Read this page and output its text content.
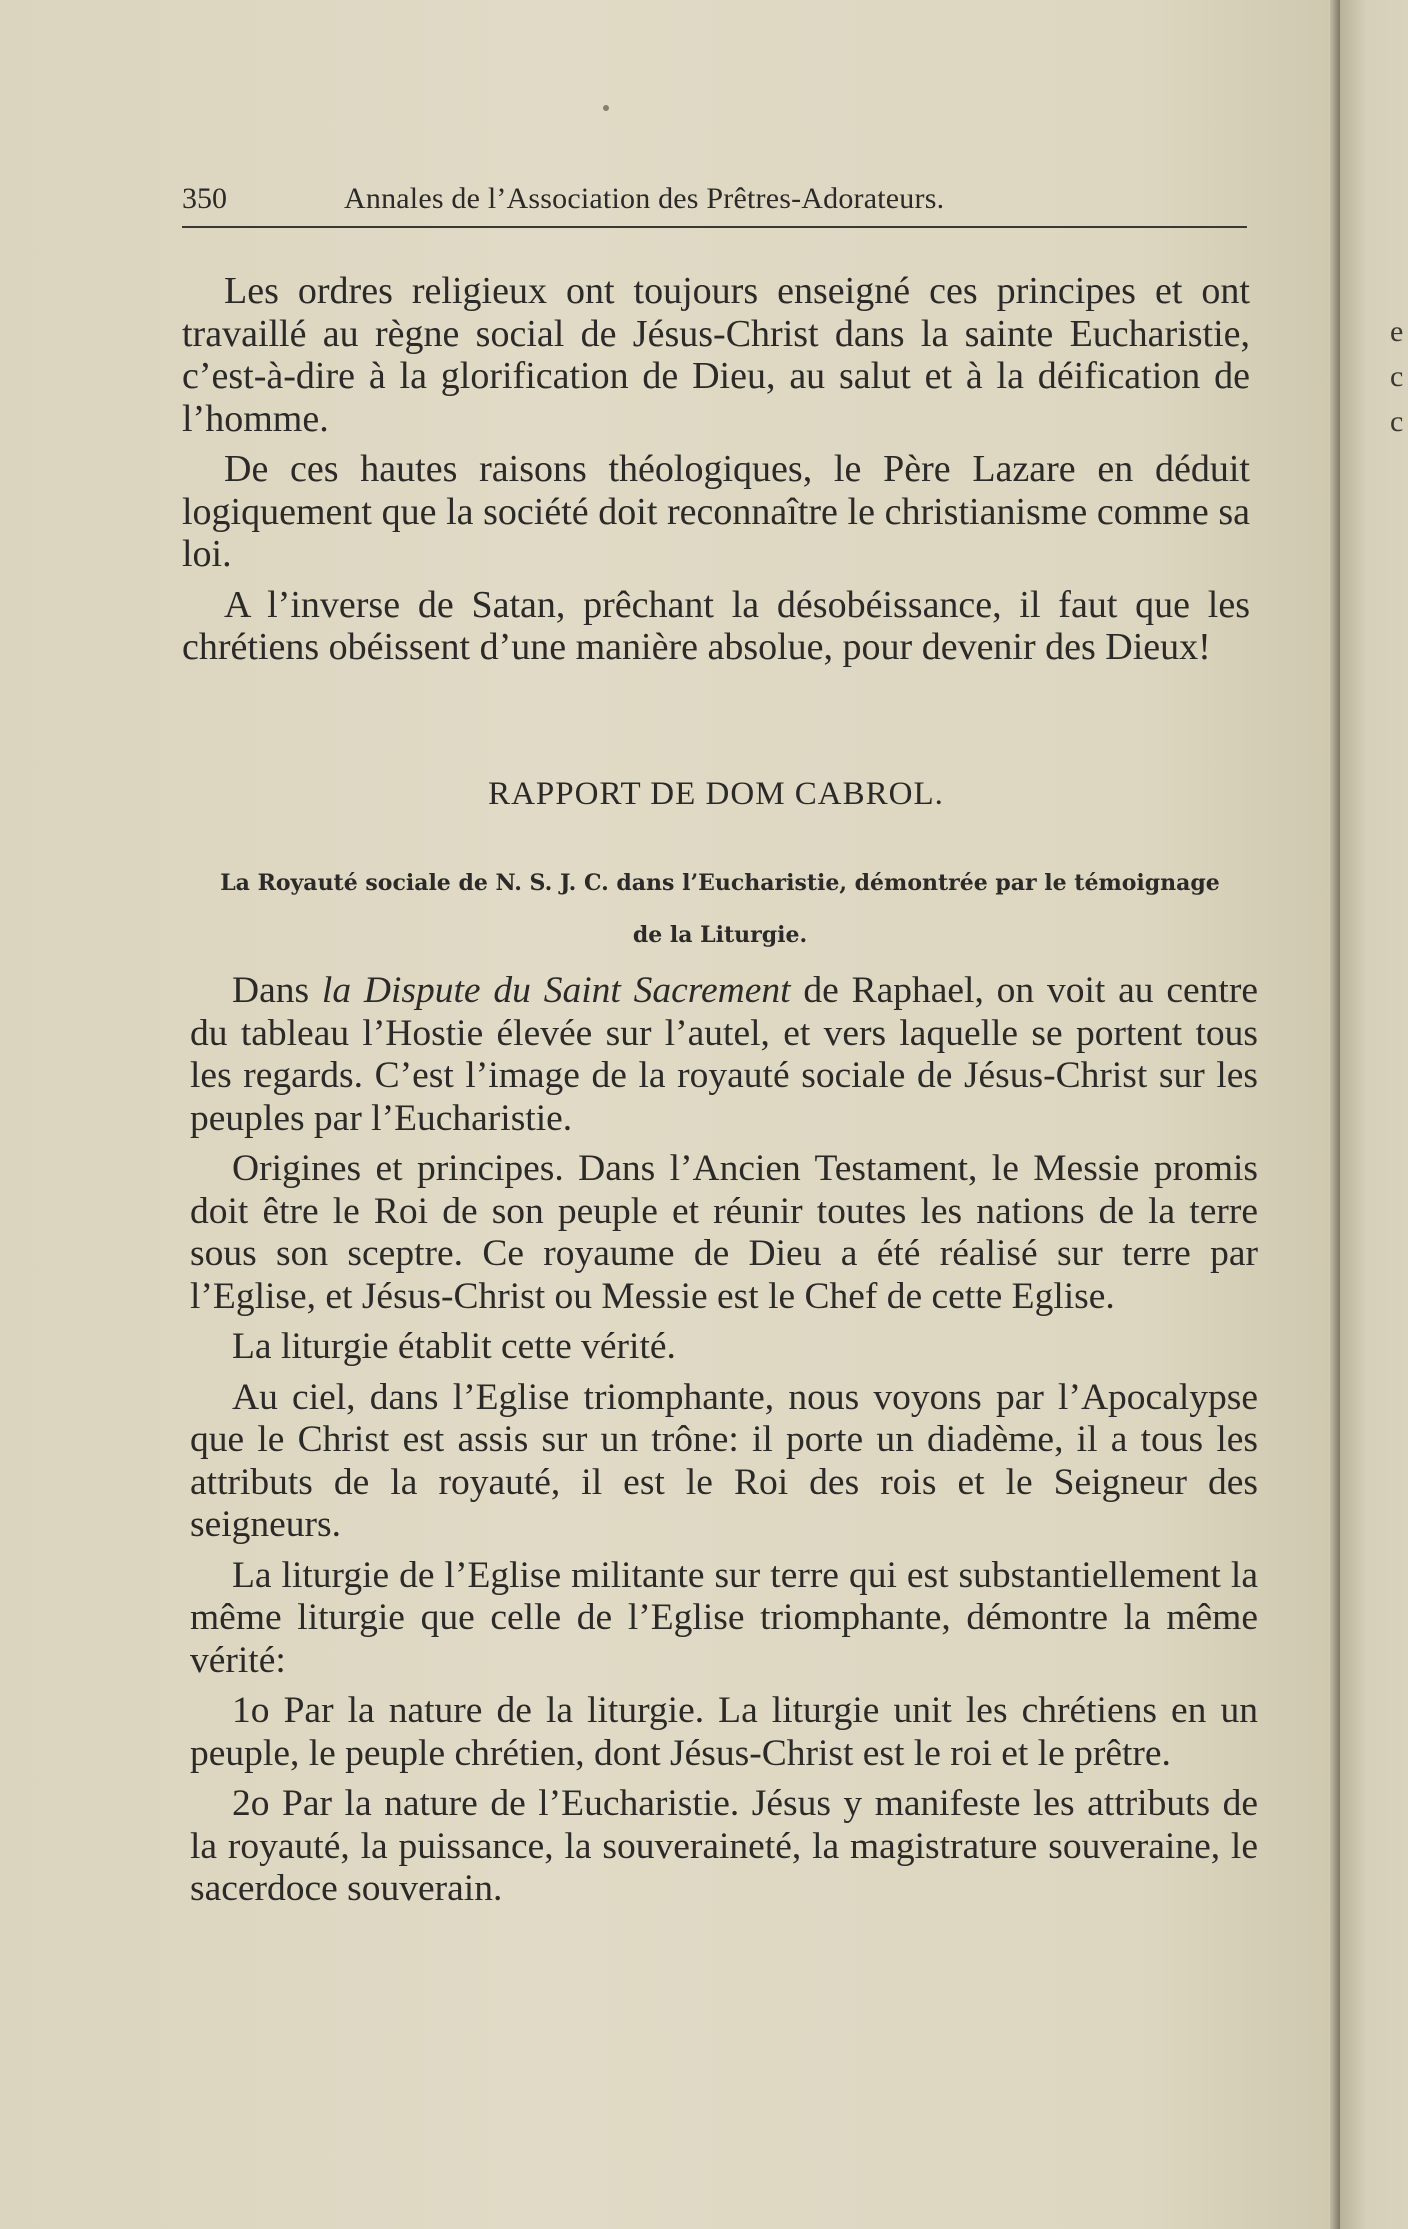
350	Annales de l’Association des Prêtres-Adorateurs.

Les ordres religieux ont toujours enseigné ces principes et ont travaillé au règne social de Jésus-Christ dans la sainte Eucharistie, c’est-à-dire à la glorification de Dieu, au salut et à la déification de l’homme.

De ces hautes raisons théologiques, le Père Lazare en déduit logiquement que la société doit reconnaître le christianisme comme sa loi.

A l’inverse de Satan, prêchant la désobéissance, il faut que les chrétiens obéissent d’une manière absolue, pour devenir des Dieux!

RAPPORT DE DOM CABROL.
La Royauté sociale de N. S. J. C. dans l’Eucharistie, démontrée par le témoignage de la Liturgie.

Dans la Dispute du Saint Sacrement de Raphael, on voit au centre du tableau l’Hostie élevée sur l’autel, et vers laquelle se portent tous les regards. C’est l’image de la royauté sociale de Jésus-Christ sur les peuples par l’Eucharistie.

Origines et principes. Dans l’Ancien Testament, le Messie promis doit être le Roi de son peuple et réunir toutes les nations de la terre sous son sceptre. Ce royaume de Dieu a été réalisé sur terre par l’Eglise, et Jésus-Christ ou Messie est le Chef de cette Eglise.

La liturgie établit cette vérité.

Au ciel, dans l’Eglise triomphante, nous voyons par l’Apocalypse que le Christ est assis sur un trône: il porte un diadème, il a tous les attributs de la royauté, il est le Roi des rois et le Seigneur des seigneurs.

La liturgie de l’Eglise militante sur terre qui est substantiellement la même liturgie que celle de l’Eglise triomphante, démontre la même vérité:

1o Par la nature de la liturgie. La liturgie unit les chrétiens en un peuple, le peuple chrétien, dont Jésus-Christ est le roi et le prêtre.

2o Par la nature de l’Eucharistie. Jésus y manifeste les attributs de la royauté, la puissance, la souveraineté, la magistrature souveraine, le sacerdoce souverain.

e
c
c
